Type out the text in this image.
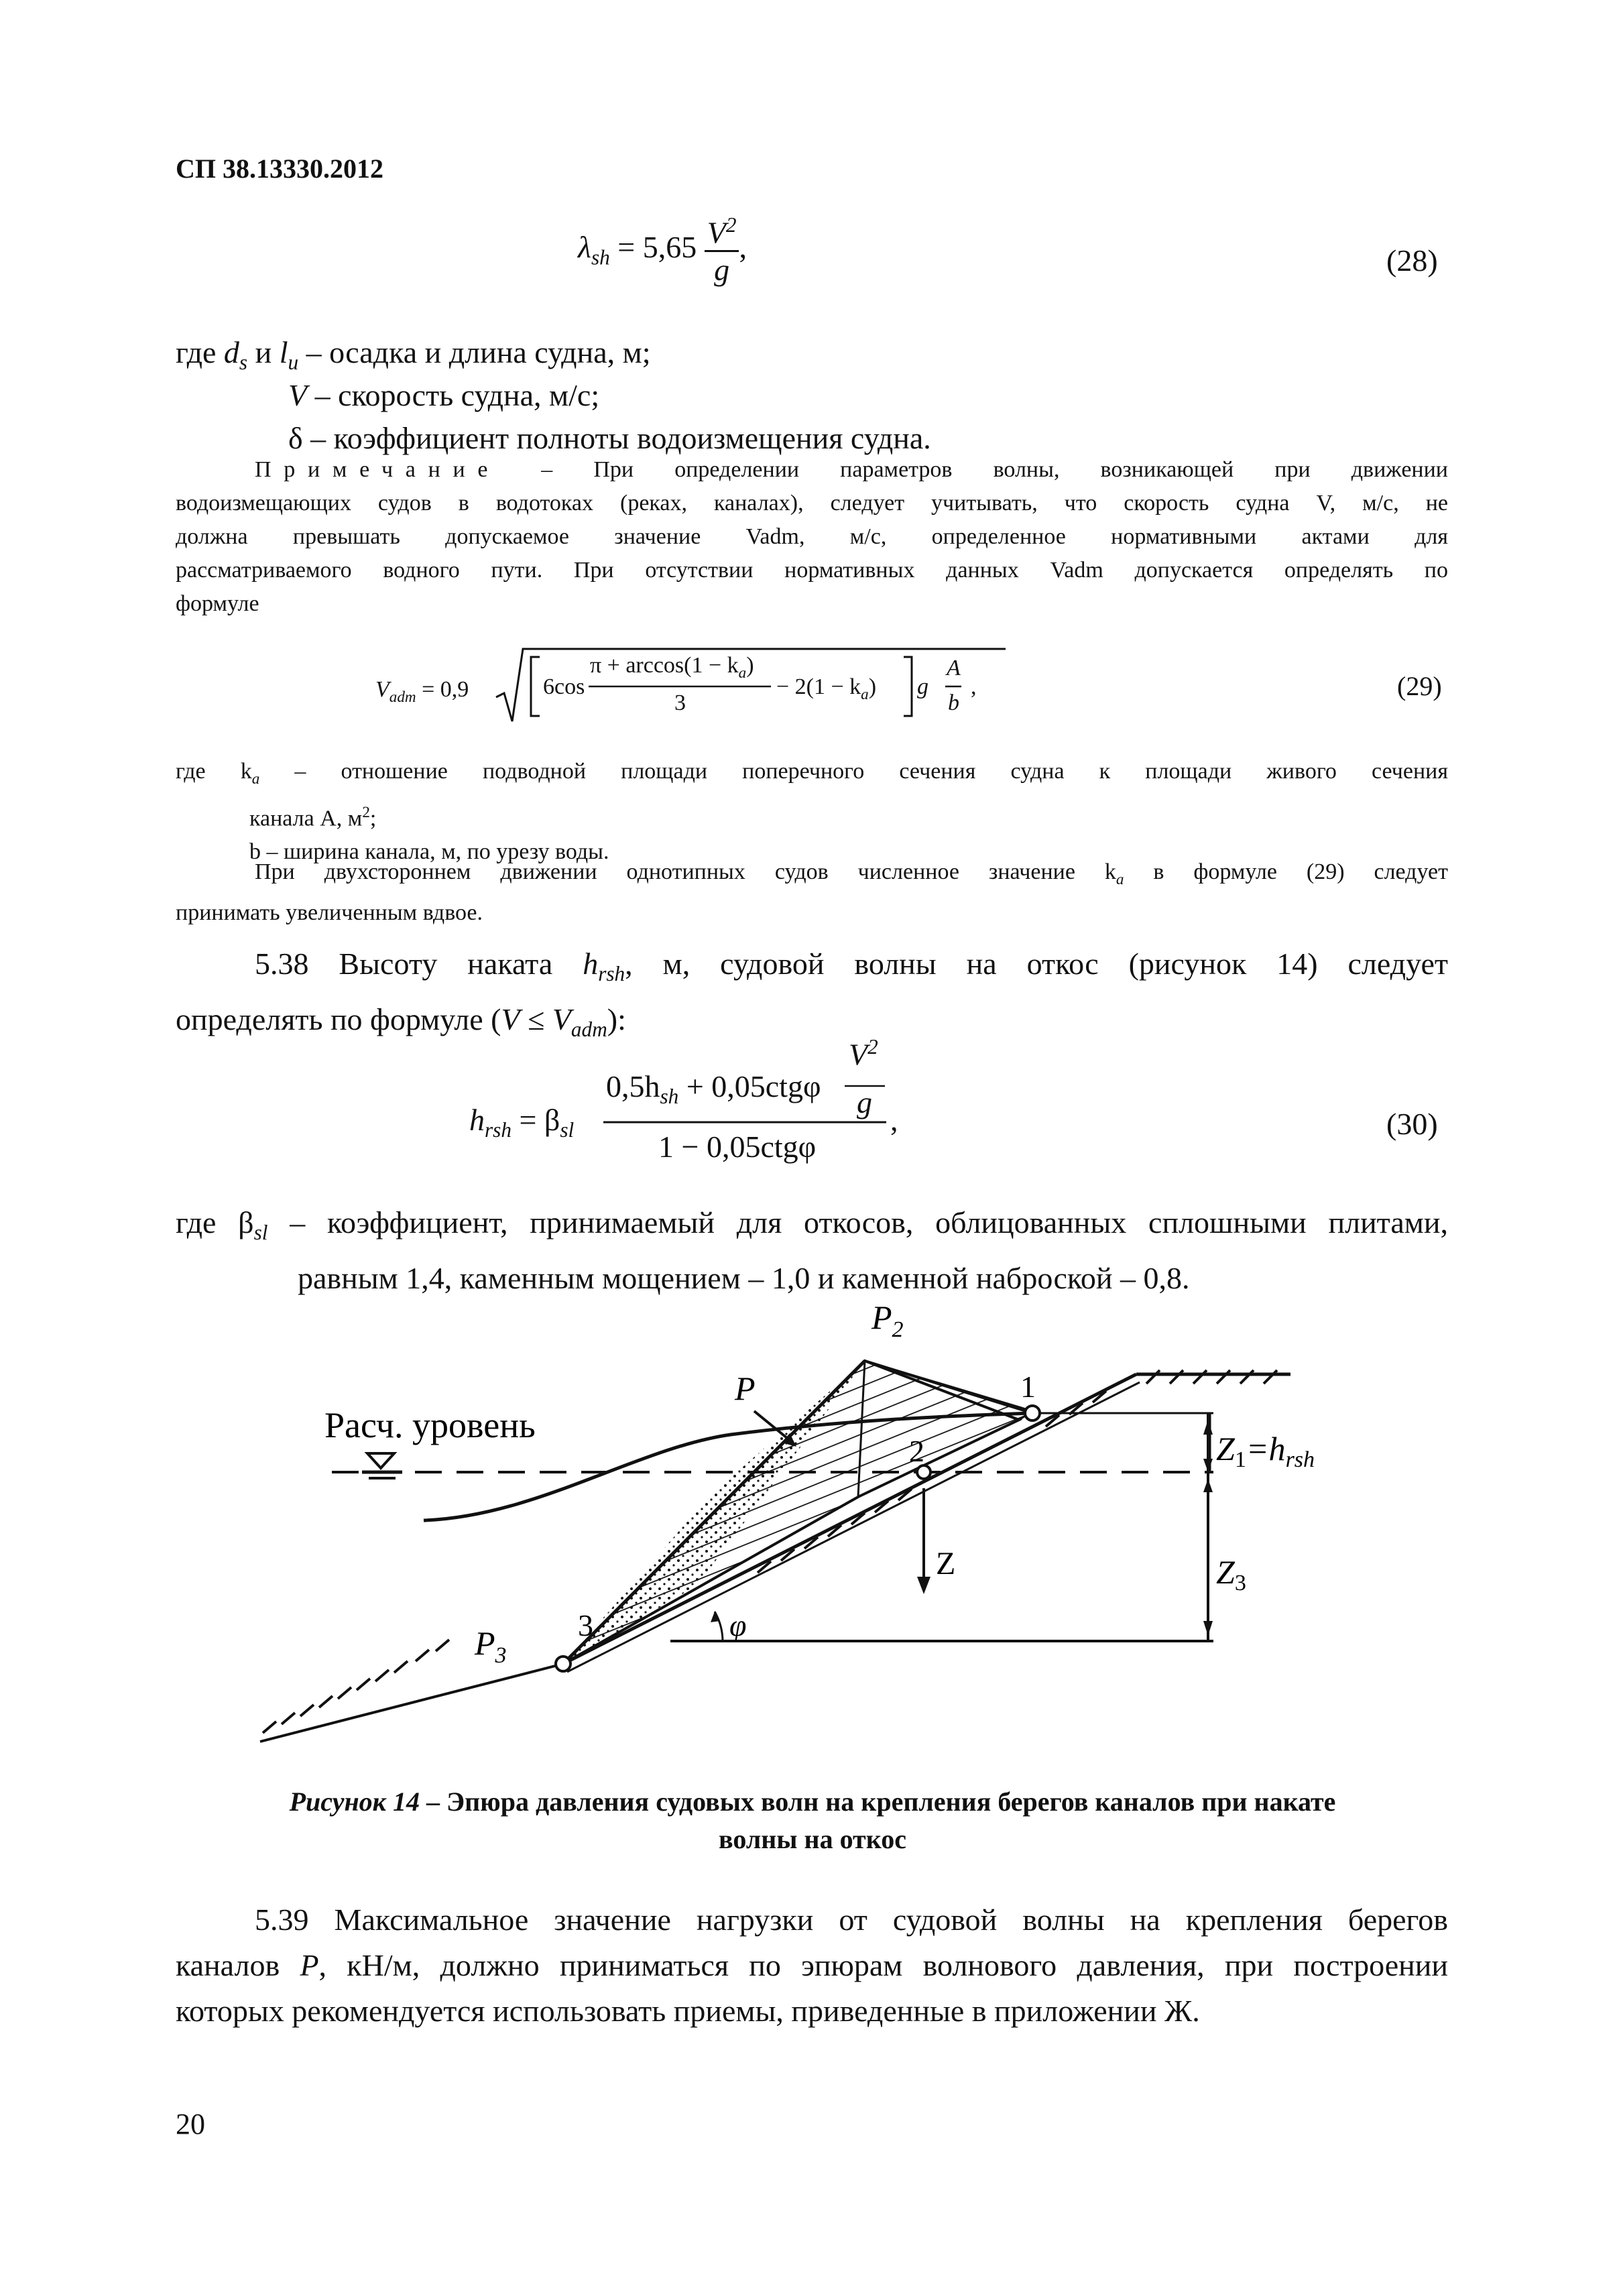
СП 38.13330.2012
$\lambda_{sh} = 5,65 \frac{V^2}{g}$ ,	(28)
где $d_s$ и $l_u$ – осадка и длина судна, м;
V – скорость судна, м/с;
δ – коэффициент полноты водоизмещения судна.
Примечание – При определении параметров волны, возникающей при движении
водоизмещающих судов в водотоках (реках, каналах), следует учитывать, что скорость судна V, м/с, не
должна превышать допускаемое значение Vadm, м/с, определенное нормативными актами для
рассматриваемого водного пути. При отсутствии нормативных данных Vadm допускается определять по
формуле
$V_{adm} = 0,9$	6cos
$\pi + \arccos(1 - k_a)$
3
− $2(1 - k_a)$ g
A
b
,	(29)
где $k_a$ – отношение подводной площади поперечного сечения судна к площади живого сечения
канала A, $м^2$;
b – ширина канала, м, по урезу воды.
При двухстороннем движении однотипных судов численное значение $k_a$ в формуле (29) следует
принимать увеличенным вдвое.
5.38 Высоту наката $h_{rsh}$, м, судовой волны на откос (рисунок 14) следует
определять по формуле $(V \le V_{adm})$:
$h_{rsh} = \beta_{sl}$
$0,5h_{sh} + 0,05ctg\varphi$
$V^2$
g
1 − 0,05ctgφ
,	(30)
где $\beta_{sl}$ – коэффициент, принимаемый для откосов, облицованных сплошными плитами,
равным 1,4, каменным мощением – 1,0 и каменной наброской – 0,8.
Расч. уровень
P
$P_2$
$P_3$
1
2
3
Z
φ
$Z_1=h_{rsh}$
$Z_3$
Рисунок 14 – Эпюра давления судовых волн на крепления берегов каналов при накате
волны на откос
5.39 Максимальное значение нагрузки от судовой волны на крепления берегов
каналов P, кН/м, должно приниматься по эпюрам волнового давления, при построении
которых рекомендуется использовать приемы, приведенные в приложении Ж.
20
